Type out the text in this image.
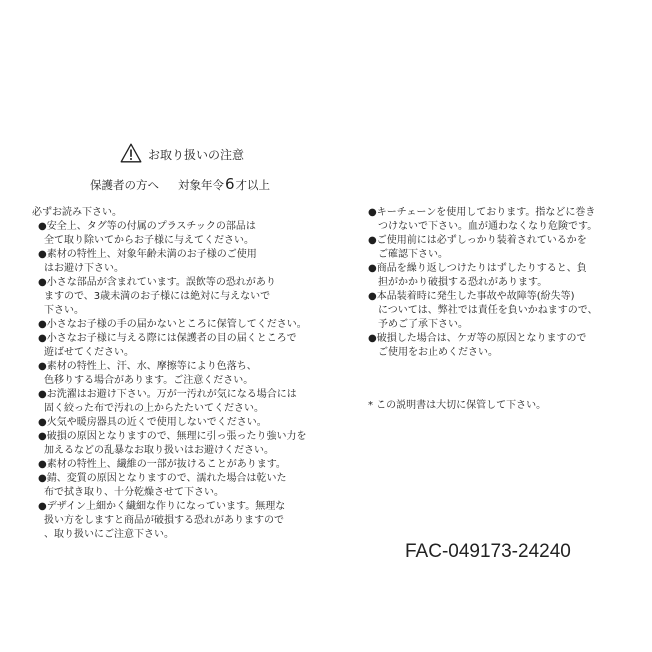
お取り扱いの注意
保護者の方へ 対象年令6才以上
必ずお読み下さい。
●安全上、タグ等の付属のプラスチックの部品は
全て取り除いてからお子様に与えてください。
●素材の特性上、対象年齢未満のお子様のご使用
はお避け下さい。
●小さな部品が含まれています。誤飲等の恐れがあり
ますので、3歳未満のお子様には絶対に与えないで
下さい。
●小さなお子様の手の届かないところに保管してください。
●小さなお子様に与える際には保護者の目の届くところで
遊ばせてください。
●素材の特性上、汗、水、摩擦等により色落ち、
色移りする場合があります。ご注意ください。
●お洗濯はお避け下さい。万が一汚れが気になる場合には
固く絞った布で汚れの上からたたいてください。
●火気や暖房器具の近くで使用しないでください。
●破損の原因となりますので、無理に引っ張ったり強い力を
加えるなどの乱暴なお取り扱いはお避けください。
●素材の特性上、繊維の一部が抜けることがあります。
●錆、変質の原因となりますので、濡れた場合は乾いた
布で拭き取り、十分乾燥させて下さい。
●デザイン上細かく繊細な作りになっています。無理な
扱い方をしますと商品が破損する恐れがありますので
、取り扱いにご注意下さい。
●キーチェーンを使用しております。指などに巻き
つけないで下さい。血が通わなくなり危険です。
●ご使用前には必ずしっかり装着されているかを
ご確認下さい。
●商品を繰り返しつけたりはずしたりすると、負
担がかかり破損する恐れがあります。
●本品装着時に発生した事故や故障等(紛失等)
については、弊社では責任を負いかねますので、
予めご了承下さい。
●破損した場合は、ケガ等の原因となりますので
ご使用をお止めください。
* この説明書は大切に保管して下さい。
FAC-049173-24240
